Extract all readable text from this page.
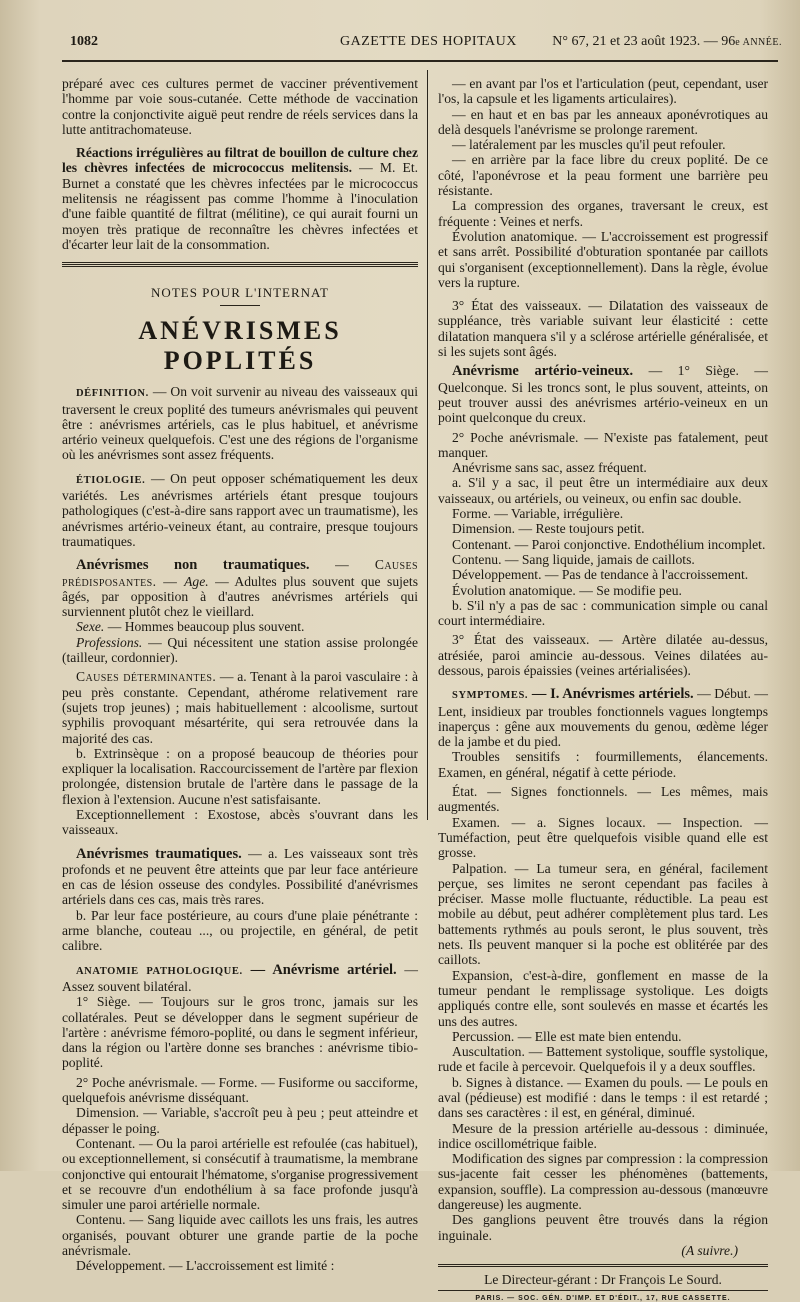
1082	GAZETTE DES HOPITAUX	N° 67, 21 et 23 août 1923. — 96e ANNÉE.

préparé avec ces cultures permet de vacciner préventivement l'homme par voie sous-cutanée. Cette méthode de vaccination contre la conjonctivite aiguë peut rendre de réels services dans la lutte antitrachomateuse.

Réactions irrégulières au filtrat de bouillon de culture chez les chèvres infectées de micrococcus melitensis. — M. Et. Burnet a constaté que les chèvres infectées par le micrococcus melitensis ne réagissent pas comme l'homme à l'inoculation d'une faible quantité de filtrat (mélitine), ce qui aurait fourni un moyen très pratique de reconnaître les chèvres infectées et d'écarter leur lait de la consommation.

NOTES POUR L'INTERNAT

ANÉVRISMES POPLITÉS

DÉFINITION. — On voit survenir au niveau des vaisseaux qui traversent le creux poplité des tumeurs anévrismales qui peuvent être : anévrismes artériels, cas le plus habituel, et anévrisme artério veineux quelquefois. C'est une des régions de l'organisme où les anévrismes sont assez fréquents.

ÉTIOLOGIE. — On peut opposer schématiquement les deux variétés. Les anévrismes artériels étant presque toujours pathologiques (c'est-à-dire sans rapport avec un traumatisme), les anévrismes artério-veineux étant, au contraire, presque toujours traumatiques.

Anévrismes non traumatiques. — Causes prédisposantes. — Age. — Adultes plus souvent que sujets âgés, par opposition à d'autres anévrismes artériels qui surviennent plutôt chez le vieillard.

Sexe. — Hommes beaucoup plus souvent.

Professions. — Qui nécessitent une station assise prolongée (tailleur, cordonnier).

Causes déterminantes. — a. Tenant à la paroi vasculaire : à peu près constante. Cependant, athérome relativement rare (sujets trop jeunes) ; mais habituellement : alcoolisme, surtout syphilis provoquant mésartérite, qui sera retrouvée dans la majorité des cas.

b. Extrinsèque : on a proposé beaucoup de théories pour expliquer la localisation. Raccourcissement de l'artère par flexion prolongée, distension brutale de l'artère dans le passage de la flexion à l'extension. Aucune n'est satisfaisante.

Exceptionnellement : Exostose, abcès s'ouvrant dans les vaisseaux.

Anévrismes traumatiques. — a. Les vaisseaux sont très profonds et ne peuvent être atteints que par leur face antérieure en cas de lésion osseuse des condyles. Possibilité d'anévrismes artériels dans ces cas, mais très rares.

b. Par leur face postérieure, au cours d'une plaie pénétrante : arme blanche, couteau ..., ou projectile, en général, de petit calibre.

ANATOMIE PATHOLOGIQUE. — Anévrisme artériel. — Assez souvent bilatéral.

1° Siège. — Toujours sur le gros tronc, jamais sur les collatérales. Peut se développer dans le segment supérieur de l'artère : anévrisme fémoro-poplité, ou dans le segment inférieur, dans la région ou l'artère donne ses branches : anévrisme tibio-poplité.

2° Poche anévrismale. — Forme. — Fusiforme ou sacciforme, quelquefois anévrisme disséquant.

Dimension. — Variable, s'accroît peu à peu ; peut atteindre et dépasser le poing.

Contenant. — Ou la paroi artérielle est refoulée (cas habituel), ou exceptionnellement, si consécutif à traumatisme, la membrane conjonctive qui entourait l'hématome, s'organise progressivement et se recouvre d'un endothélium à sa face profonde jusqu'à simuler une paroi artérielle normale.

Contenu. — Sang liquide avec caillots les uns frais, les autres organisés, pouvant obturer une grande partie de la poche anévrismale.

Développement. — L'accroissement est limité :

— en avant par l'os et l'articulation (peut, cependant, user l'os, la capsule et les ligaments articulaires).

— en haut et en bas par les anneaux aponévrotiques au delà desquels l'anévrisme se prolonge rarement.

— latéralement par les muscles qu'il peut refouler.

— en arrière par la face libre du creux poplité. De ce côté, l'aponévrose et la peau forment une barrière peu résistante.

La compression des organes, traversant le creux, est fréquente : Veines et nerfs.

Évolution anatomique. — L'accroissement est progressif et sans arrêt. Possibilité d'obturation spontanée par caillots qui s'organisent (exceptionnellement). Dans la règle, évolue vers la rupture.

3° État des vaisseaux. — Dilatation des vaisseaux de suppléance, très variable suivant leur élasticité : cette dilatation manquera s'il y a sclérose artérielle généralisée, et si les sujets sont âgés.

Anévrisme artério-veineux. — 1° Siège. — Quelconque. Si les troncs sont, le plus souvent, atteints, on peut trouver aussi des anévrismes artério-veineux en un point quelconque du creux.

2° Poche anévrismale. — N'existe pas fatalement, peut manquer.

Anévrisme sans sac, assez fréquent.

a. S'il y a sac, il peut être un intermédiaire aux deux vaisseaux, ou artériels, ou veineux, ou enfin sac double.

Forme. — Variable, irrégulière.

Dimension. — Reste toujours petit.

Contenant. — Paroi conjonctive. Endothélium incomplet.

Contenu. — Sang liquide, jamais de caillots.

Développement. — Pas de tendance à l'accroissement.

Évolution anatomique. — Se modifie peu.

b. S'il n'y a pas de sac : communication simple ou canal court intermédiaire.

3° État des vaisseaux. — Artère dilatée au-dessus, atrésiée, paroi amincie au-dessous. Veines dilatées au-dessous, parois épaissies (veines artérialisées).

SYMPTOMES. — I. Anévrismes artériels. — Début. — Lent, insidieux par troubles fonctionnels vagues longtemps inaperçus : gêne aux mouvements du genou, œdème léger de la jambe et du pied.

Troubles sensitifs : fourmillements, élancements. Examen, en général, négatif à cette période.

État. — Signes fonctionnels. — Les mêmes, mais augmentés.

Examen. — a. Signes locaux. — Inspection. — Tuméfaction, peut être quelquefois visible quand elle est grosse.

Palpation. — La tumeur sera, en général, facilement perçue, ses limites ne seront cependant pas faciles à préciser. Masse molle fluctuante, réductible. La peau est mobile au début, peut adhérer complètement plus tard. Les battements rythmés au pouls seront, le plus souvent, très nets. Ils peuvent manquer si la poche est oblitérée par des caillots.

Expansion, c'est-à-dire, gonflement en masse de la tumeur pendant le remplissage systolique. Les doigts appliqués contre elle, sont soulevés en masse et écartés les uns des autres.

Percussion. — Elle est mate bien entendu.

Auscultation. — Battement systolique, souffle systolique, rude et facile à percevoir. Quelquefois il y a deux souffles.

b. Signes à distance. — Examen du pouls. — Le pouls en aval (pédieuse) est modifié : dans le temps : il est retardé ; dans ses caractères : il est, en général, diminué.

Mesure de la pression artérielle au-dessous : diminuée, indice oscillométrique faible.

Modification des signes par compression : la compression sus-jacente fait cesser les phénomènes (battements, expansion, souffle). La compression au-dessous (manœuvre dangereuse) les augmente.

Des ganglions peuvent être trouvés dans la région inguinale.

(A suivre.)

Le Directeur-gérant : Dr François Le Sourd.

PARIS. — SOC. GÉN. D'IMP. ET D'ÉDIT., 17, RUE CASSETTE.
